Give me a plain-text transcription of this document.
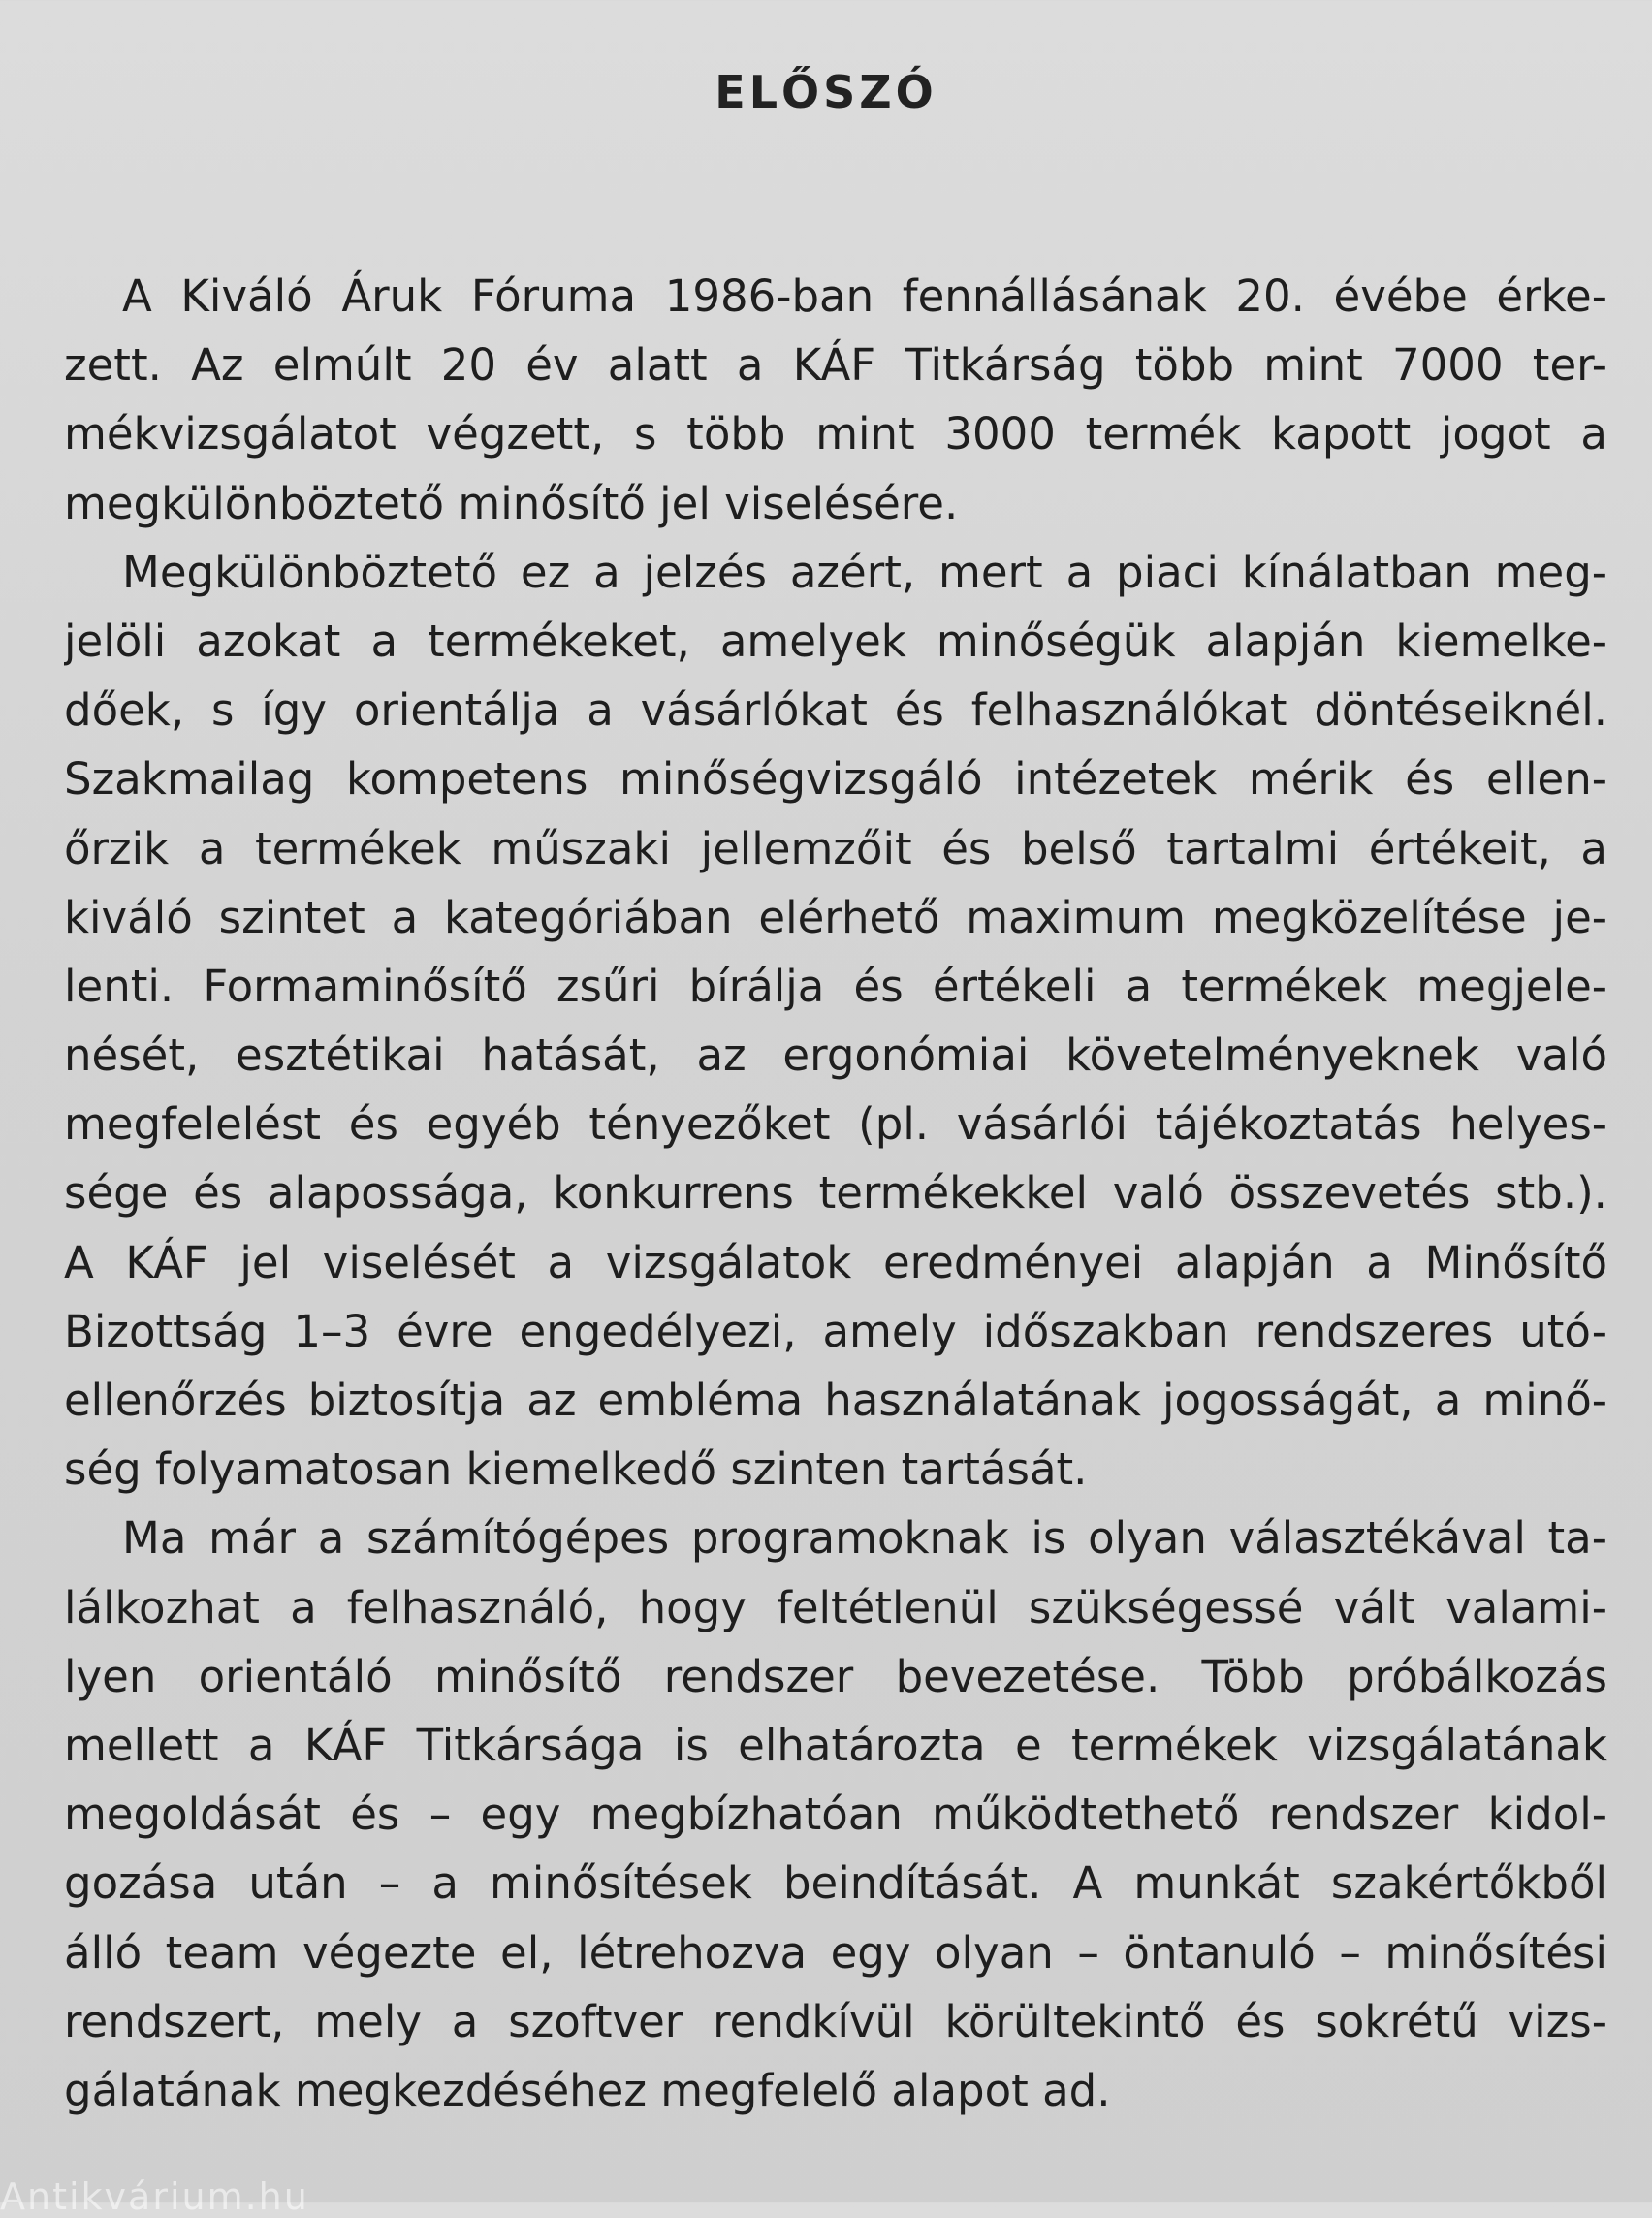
ELŐSZÓ
A Kiváló Áruk Fóruma 1986-ban fennállásának 20. évébe érke-
zett. Az elmúlt 20 év alatt a KÁF Titkárság több mint 7000 ter-
mékvizsgálatot végzett, s több mint 3000 termék kapott jogot a
megkülönböztető minősítő jel viselésére.
Megkülönböztető ez a jelzés azért, mert a piaci kínálatban meg-
jelöli azokat a termékeket, amelyek minőségük alapján kiemelke-
dőek, s így orientálja a vásárlókat és felhasználókat döntéseiknél.
Szakmailag kompetens minőségvizsgáló intézetek mérik és ellen-
őrzik a termékek műszaki jellemzőit és belső tartalmi értékeit, a
kiváló szintet a kategóriában elérhető maximum megközelítése je-
lenti. Formaminősítő zsűri bírálja és értékeli a termékek megjele-
nését, esztétikai hatását, az ergonómiai követelményeknek való
megfelelést és egyéb tényezőket (pl. vásárlói tájékoztatás helyes-
sége és alapossága, konkurrens termékekkel való összevetés stb.).
A KÁF jel viselését a vizsgálatok eredményei alapján a Minősítő
Bizottság 1–3 évre engedélyezi, amely időszakban rendszeres utó-
ellenőrzés biztosítja az embléma használatának jogosságát, a minő-
ség folyamatosan kiemelkedő szinten tartását.
Ma már a számítógépes programoknak is olyan választékával ta-
lálkozhat a felhasználó, hogy feltétlenül szükségessé vált valami-
lyen orientáló minősítő rendszer bevezetése. Több próbálkozás
mellett a KÁF Titkársága is elhatározta e termékek vizsgálatának
megoldását és – egy megbízhatóan működtethető rendszer kidol-
gozása után – a minősítések beindítását. A munkát szakértőkből
álló team végezte el, létrehozva egy olyan – öntanuló – minősítési
rendszert, mely a szoftver rendkívül körültekintő és sokrétű vizs-
gálatának megkezdéséhez megfelelő alapot ad.
Antikvárium.hu
